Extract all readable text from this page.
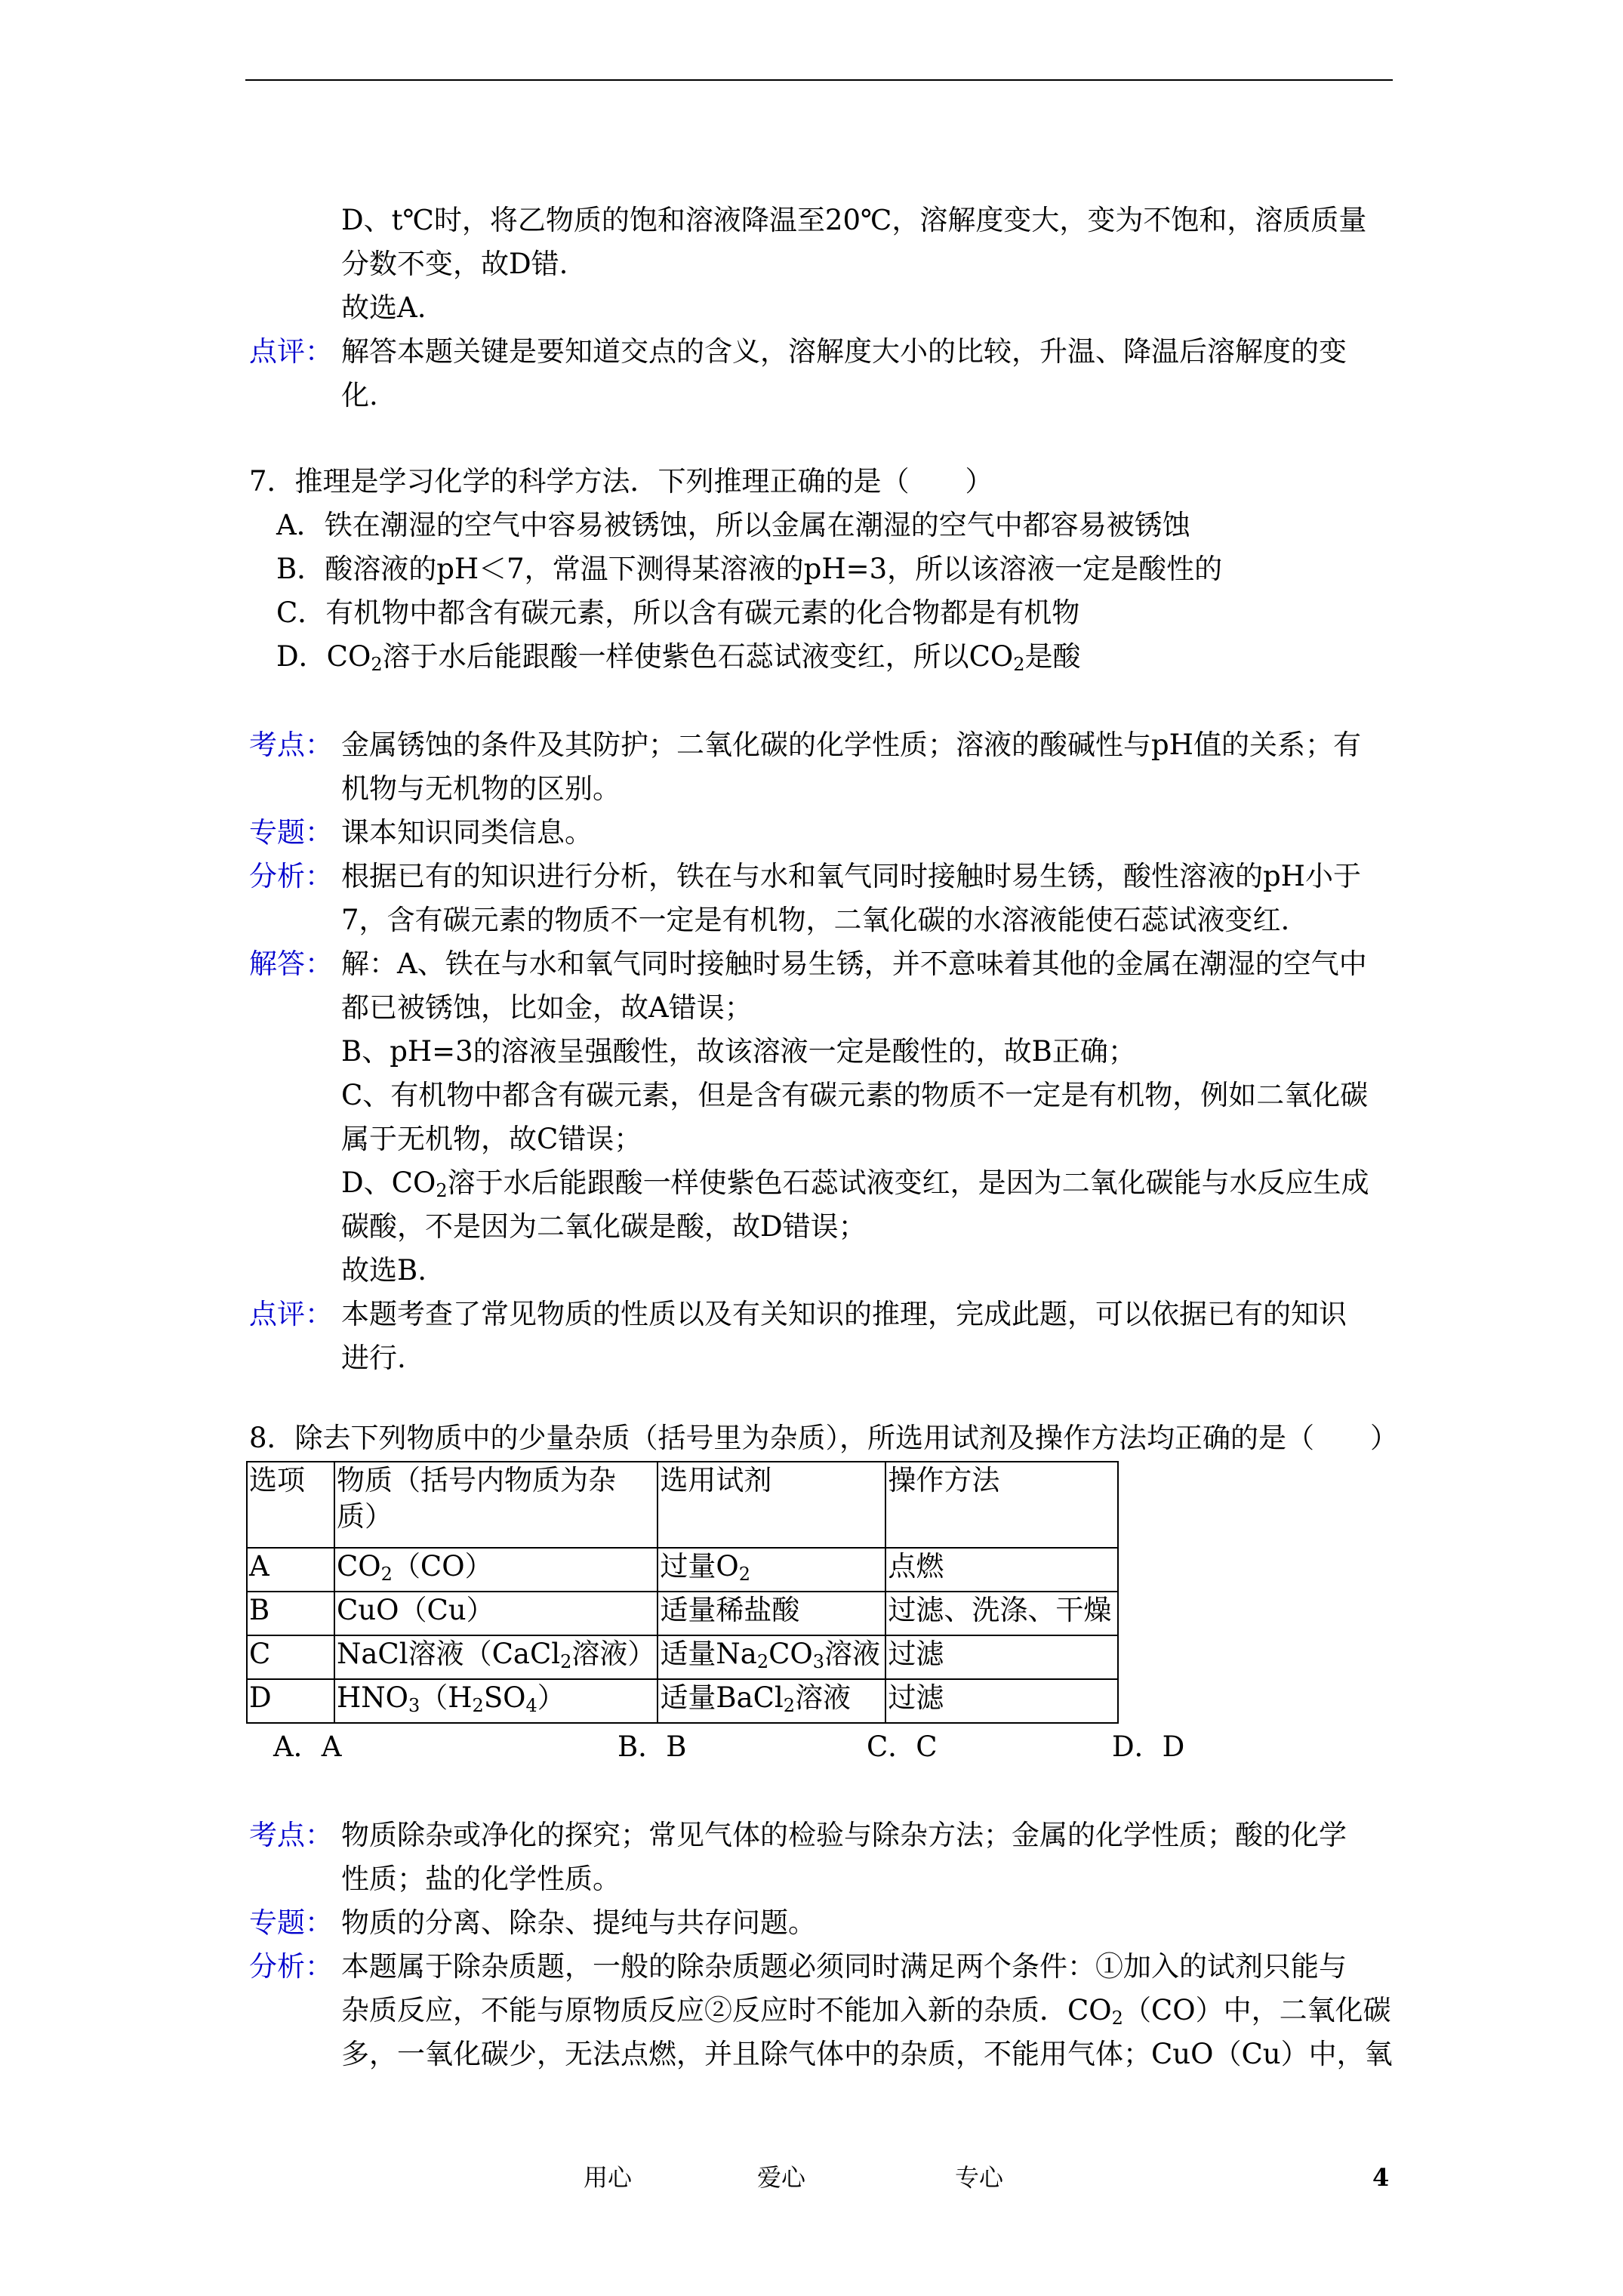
D、t℃时，将乙物质的饱和溶液降温至20℃，溶解度变大，变为不饱和，溶质质量
分数不变，故D错.
故选A.
点评： 解答本题关键是要知道交点的含义，溶解度大小的比较，升温、降温后溶解度的变
化.
7．推理是学习化学的科学方法．下列推理正确的是（　　）
A．铁在潮湿的空气中容易被锈蚀，所以金属在潮湿的空气中都容易被锈蚀
B．酸溶液的pH＜7，常温下测得某溶液的pH=3，所以该溶液一定是酸性的
C．有机物中都含有碳元素，所以含有碳元素的化合物都是有机物
D．$CO_2$溶于水后能跟酸一样使紫色石蕊试液变红，所以$CO_2$是酸
考点： 金属锈蚀的条件及其防护；二氧化碳的化学性质；溶液的酸碱性与pH值的关系；有
机物与无机物的区别。
专题： 课本知识同类信息。
分析： 根据已有的知识进行分析，铁在与水和氧气同时接触时易生锈，酸性溶液的pH小于
7，含有碳元素的物质不一定是有机物，二氧化碳的水溶液能使石蕊试液变红.
解答： 解：A、铁在与水和氧气同时接触时易生锈，并不意味着其他的金属在潮湿的空气中
都已被锈蚀，比如金，故A错误；
B、pH=3的溶液呈强酸性，故该溶液一定是酸性的，故B正确；
C、有机物中都含有碳元素，但是含有碳元素的物质不一定是有机物，例如二氧化碳
属于无机物，故C错误；
D、$CO_2$溶于水后能跟酸一样使紫色石蕊试液变红，是因为二氧化碳能与水反应生成
碳酸，不是因为二氧化碳是酸，故D错误；
故选B.
点评： 本题考查了常见物质的性质以及有关知识的推理，完成此题，可以依据已有的知识
进行.
8．除去下列物质中的少量杂质（括号里为杂质），所选用试剂及操作方法均正确的是（　　）
选项	物质（括号内物质为杂
质）	选用试剂	操作方法
A	$CO_2(CO)$	过量$O_2$	点燃
B	CuO（Cu）	适量稀盐酸	过滤、洗涤、干燥
C	NaCl溶液（CaCl$_2$溶液）	适量$Na_2CO_3$溶液	过滤
D	$HNO_3(H_2SO_4)$	适量BaCl$_2$溶液	过滤
A．A	B．B	C．C	D．D
考点： 物质除杂或净化的探究；常见气体的检验与除杂方法；金属的化学性质；酸的化学
性质；盐的化学性质。
专题： 物质的分离、除杂、提纯与共存问题。
分析： 本题属于除杂质题，一般的除杂质题必须同时满足两个条件：①加入的试剂只能与
杂质反应，不能与原物质反应②反应时不能加入新的杂质．$CO_2(CO)$中，二氧化碳
多，一氧化碳少，无法点燃，并且除气体中的杂质，不能用气体；CuO（Cu）中，氧
用心	爱心	专心	4
